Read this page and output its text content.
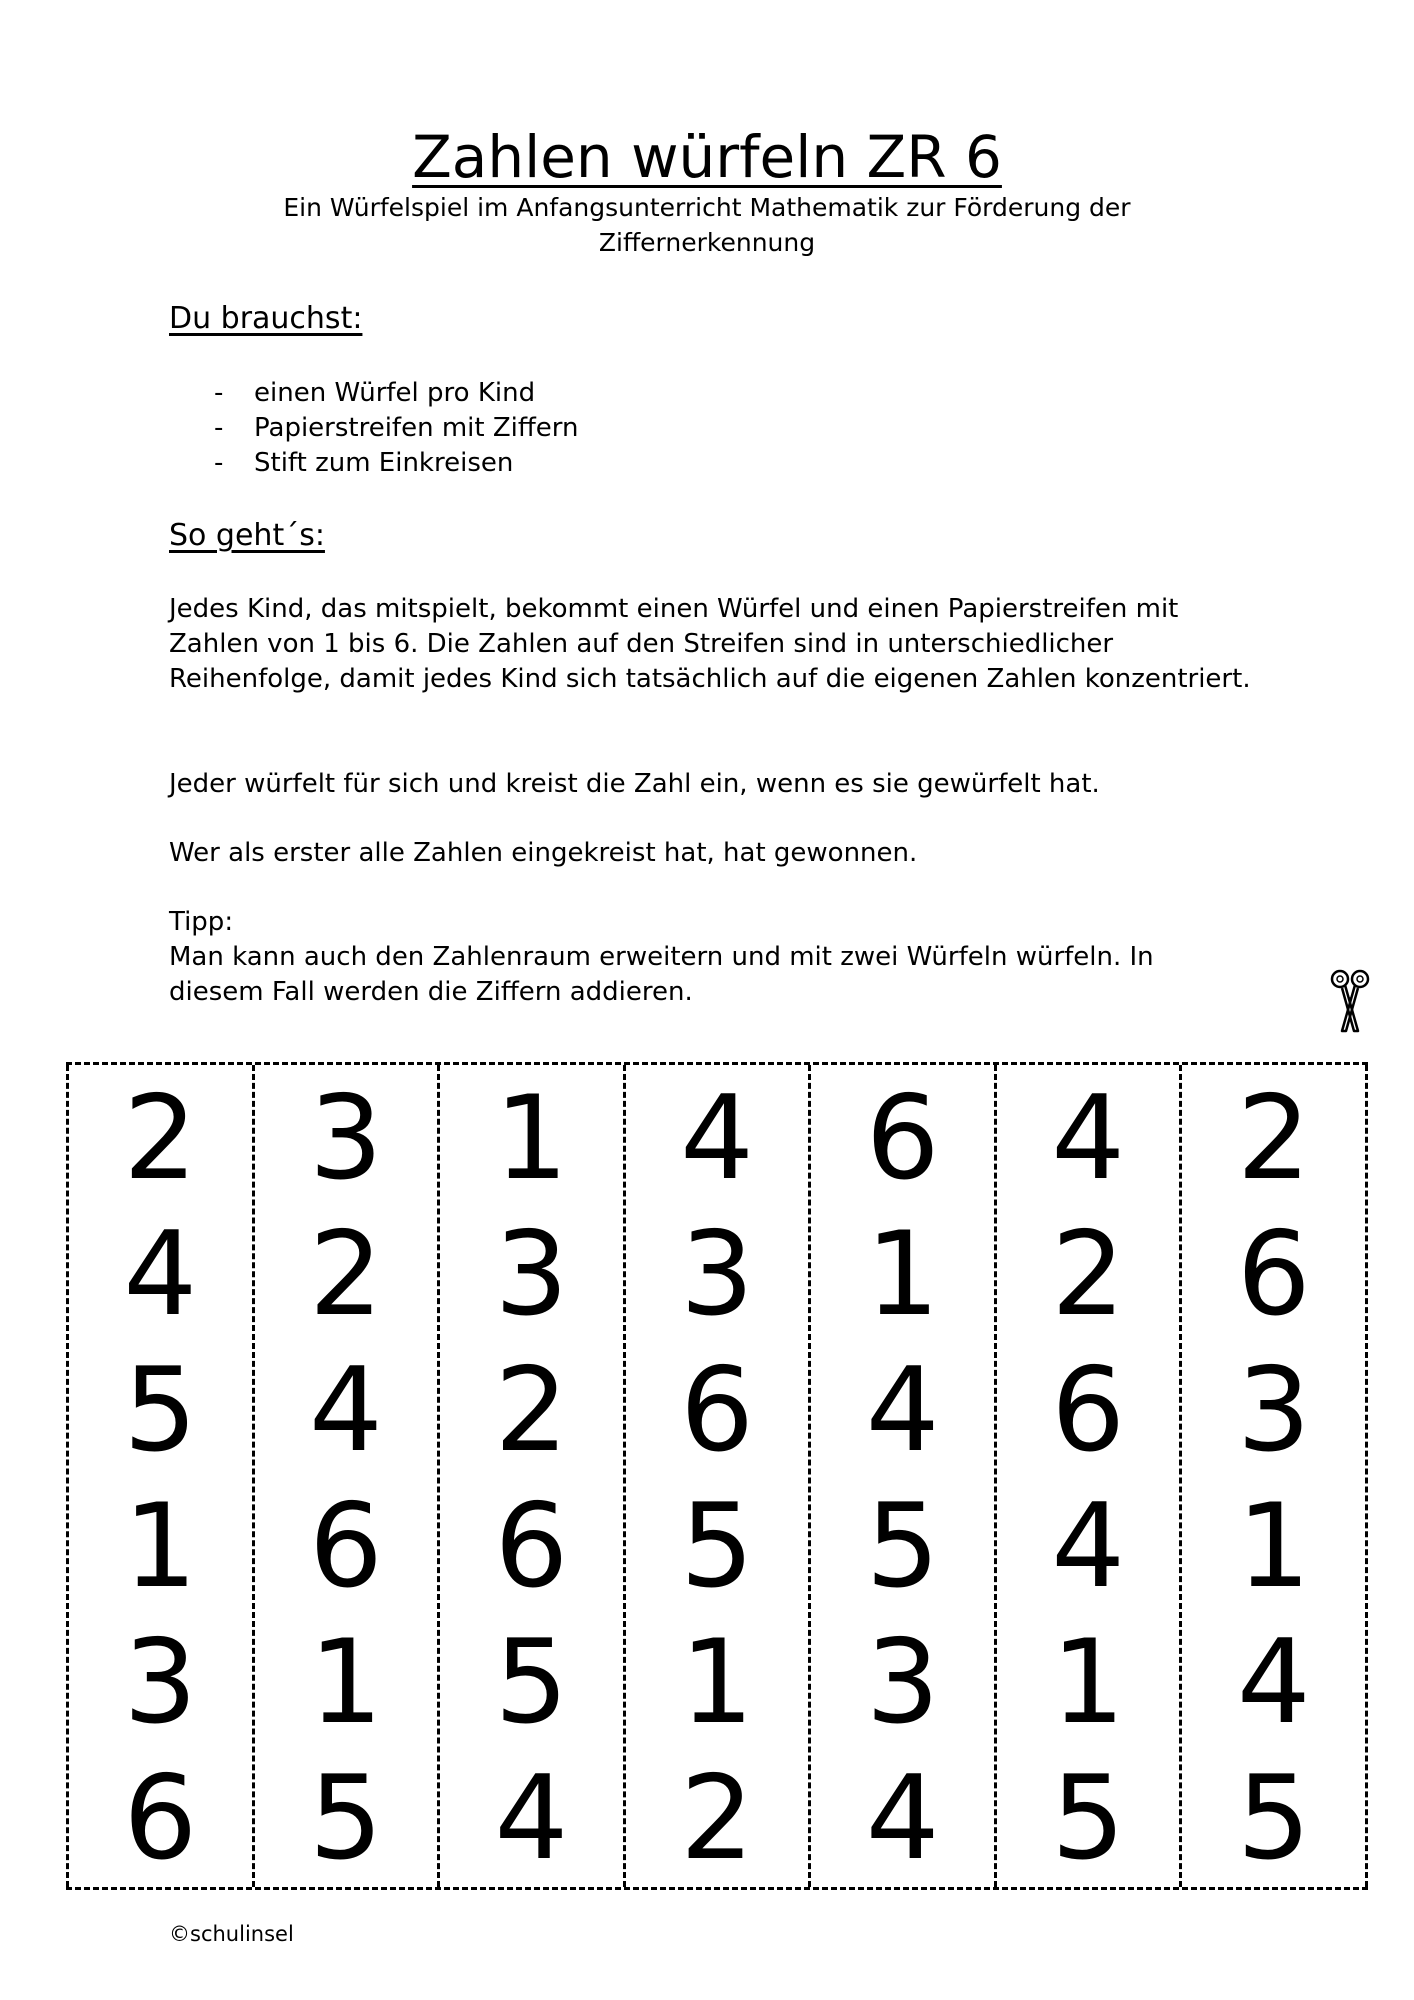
Zahlen würfeln ZR 6
Ein Würfelspiel im Anfangsunterricht Mathematik zur Förderung der Ziffernerkennung
Du brauchst:
- einen Würfel pro Kind
- Papierstreifen mit Ziffern
- Stift zum Einkreisen
So geht´s:

Jedes Kind, das mitspielt, bekommt einen Würfel und einen Papierstreifen mit Zahlen von 1 bis 6. Die Zahlen auf den Streifen sind in unterschiedlicher Reihenfolge, damit jedes Kind sich tatsächlich auf die eigenen Zahlen konzentriert.

Jeder würfelt für sich und kreist die Zahl ein, wenn es sie gewürfelt hat.

Wer als erster alle Zahlen eingekreist hat, hat gewonnen.

Tipp:

Man kann auch den Zahlenraum erweitern und mit zwei Würfeln würfeln. In diesem Fall werden die Ziffern addieren.

2
4
5
1
3
6
3
2
4
6
1
5
1
3
2
6
5
4
4
3
6
5
1
2
6
1
4
5
3
4
4
2
6
4
1
5
2
6
3
1
4
5
©schulinsel
